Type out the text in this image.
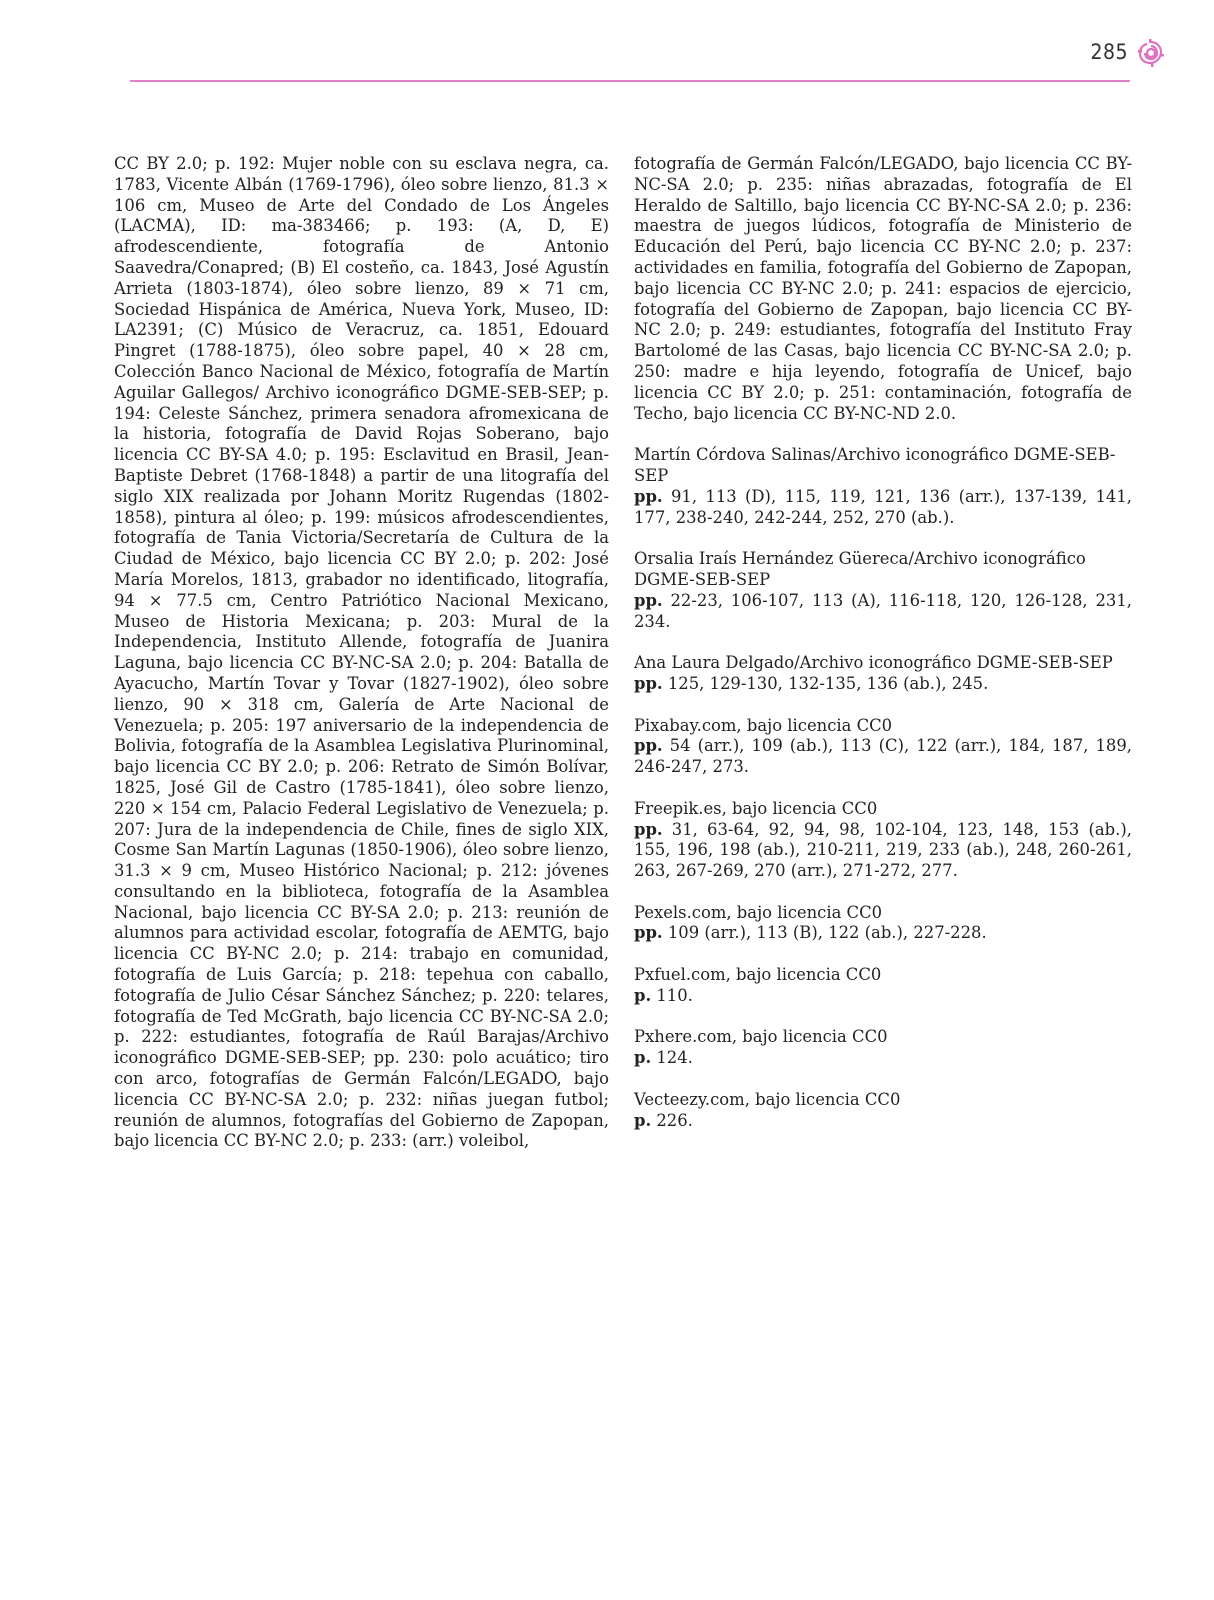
285

CC BY 2.0; p. 192: Mujer noble con su esclava negra, ca. 1783, Vicente Albán (1769-1796), óleo sobre lienzo, 81.3 × 106 cm, Museo de Arte del Condado de Los Ángeles (LACMA), ID: ma-383466; p. 193: (A, D, E) afrodescendiente, fotografía de Antonio Saavedra/Conapred; (B) El costeño, ca. 1843, José Agustín Arrieta (1803-1874), óleo sobre lienzo, 89 × 71 cm, Sociedad Hispánica de América, Nueva York, Museo, ID: LA2391; (C) Músico de Veracruz, ca. 1851, Edouard Pingret (1788-1875), óleo sobre papel, 40 × 28 cm, Colección Banco Nacional de México, fotografía de Martín Aguilar Gallegos/ Archivo iconográfico DGME-SEB-SEP; p. 194: Celeste Sánchez, primera senadora afromexicana de la historia, fotografía de David Rojas Soberano, bajo licencia CC BY-SA 4.0; p. 195: Esclavitud en Brasil, Jean-Baptiste Debret (1768-1848) a partir de una litografía del siglo XIX realizada por Johann Moritz Rugendas (1802-1858), pintura al óleo; p. 199: músicos afrodescendientes, fotografía de Tania Victoria/Secretaría de Cultura de la Ciudad de México, bajo licencia CC BY 2.0; p. 202: José María Morelos, 1813, grabador no identificado, litografía, 94 × 77.5 cm, Centro Patriótico Nacional Mexicano, Museo de Historia Mexicana; p. 203: Mural de la Independencia, Instituto Allende, fotografía de Juanira Laguna, bajo licencia CC BY-NC-SA 2.0; p. 204: Batalla de Ayacucho, Martín Tovar y Tovar (1827-1902), óleo sobre lienzo, 90 × 318 cm, Galería de Arte Nacional de Venezuela; p. 205: 197 aniversario de la independencia de Bolivia, fotografía de la Asamblea Legislativa Plurinominal, bajo licencia CC BY 2.0; p. 206: Retrato de Simón Bolívar, 1825, José Gil de Castro (1785-1841), óleo sobre lienzo, 220 × 154 cm, Palacio Federal Legislativo de Venezuela; p. 207: Jura de la independencia de Chile, fines de siglo XIX, Cosme San Martín Lagunas (1850-1906), óleo sobre lienzo, 31.3 × 9 cm, Museo Histórico Nacional; p. 212: jóvenes consultando en la biblioteca, fotografía de la Asamblea Nacional, bajo licencia CC BY-SA 2.0; p. 213: reunión de alumnos para actividad escolar, fotografía de AEMTG, bajo licencia CC BY-NC 2.0; p. 214: trabajo en comunidad, fotografía de Luis García; p. 218: tepehua con caballo, fotografía de Julio César Sánchez Sánchez; p. 220: telares, fotografía de Ted McGrath, bajo licencia CC BY-NC-SA 2.0; p. 222: estudiantes, fotografía de Raúl Barajas/Archivo iconográfico DGME-SEB-SEP; pp. 230: polo acuático; tiro con arco, fotografías de Germán Falcón/LEGADO, bajo licencia CC BY-NC-SA 2.0; p. 232: niñas juegan futbol; reunión de alumnos, fotografías del Gobierno de Zapopan, bajo licencia CC BY-NC 2.0; p. 233: (arr.) voleibol,

fotografía de Germán Falcón/LEGADO, bajo licencia CC BY-NC-SA 2.0; p. 235: niñas abrazadas, fotografía de El Heraldo de Saltillo, bajo licencia CC BY-NC-SA 2.0; p. 236: maestra de juegos lúdicos, fotografía de Ministerio de Educación del Perú, bajo licencia CC BY-NC 2.0; p. 237: actividades en familia, fotografía del Gobierno de Zapopan, bajo licencia CC BY-NC 2.0; p. 241: espacios de ejercicio, fotografía del Gobierno de Zapopan, bajo licencia CC BY-NC 2.0; p. 249: estudiantes, fotografía del Instituto Fray Bartolomé de las Casas, bajo licencia CC BY-NC-SA 2.0; p. 250: madre e hija leyendo, fotografía de Unicef, bajo licencia CC BY 2.0; p. 251: contaminación, fotografía de Techo, bajo licencia CC BY-NC-ND 2.0.

Martín Córdova Salinas/Archivo iconográfico DGME-SEB-SEP
pp. 91, 113 (D), 115, 119, 121, 136 (arr.), 137-139, 141, 177, 238-240, 242-244, 252, 270 (ab.).
Orsalia Iraís Hernández Güereca/Archivo iconográfico DGME-SEB-SEP
pp. 22-23, 106-107, 113 (A), 116-118, 120, 126-128, 231, 234.
Ana Laura Delgado/Archivo iconográfico DGME-SEB-SEP
pp. 125, 129-130, 132-135, 136 (ab.), 245.
Pixabay.com, bajo licencia CC0
pp. 54 (arr.), 109 (ab.), 113 (C), 122 (arr.), 184, 187, 189, 246-247, 273.
Freepik.es, bajo licencia CC0
pp. 31, 63-64, 92, 94, 98, 102-104, 123, 148, 153 (ab.), 155, 196, 198 (ab.), 210-211, 219, 233 (ab.), 248, 260-261, 263, 267-269, 270 (arr.), 271-272, 277.
Pexels.com, bajo licencia CC0
pp. 109 (arr.), 113 (B), 122 (ab.), 227-228.
Pxfuel.com, bajo licencia CC0
p. 110.
Pxhere.com, bajo licencia CC0
p. 124.
Vecteezy.com, bajo licencia CC0
p. 226.
